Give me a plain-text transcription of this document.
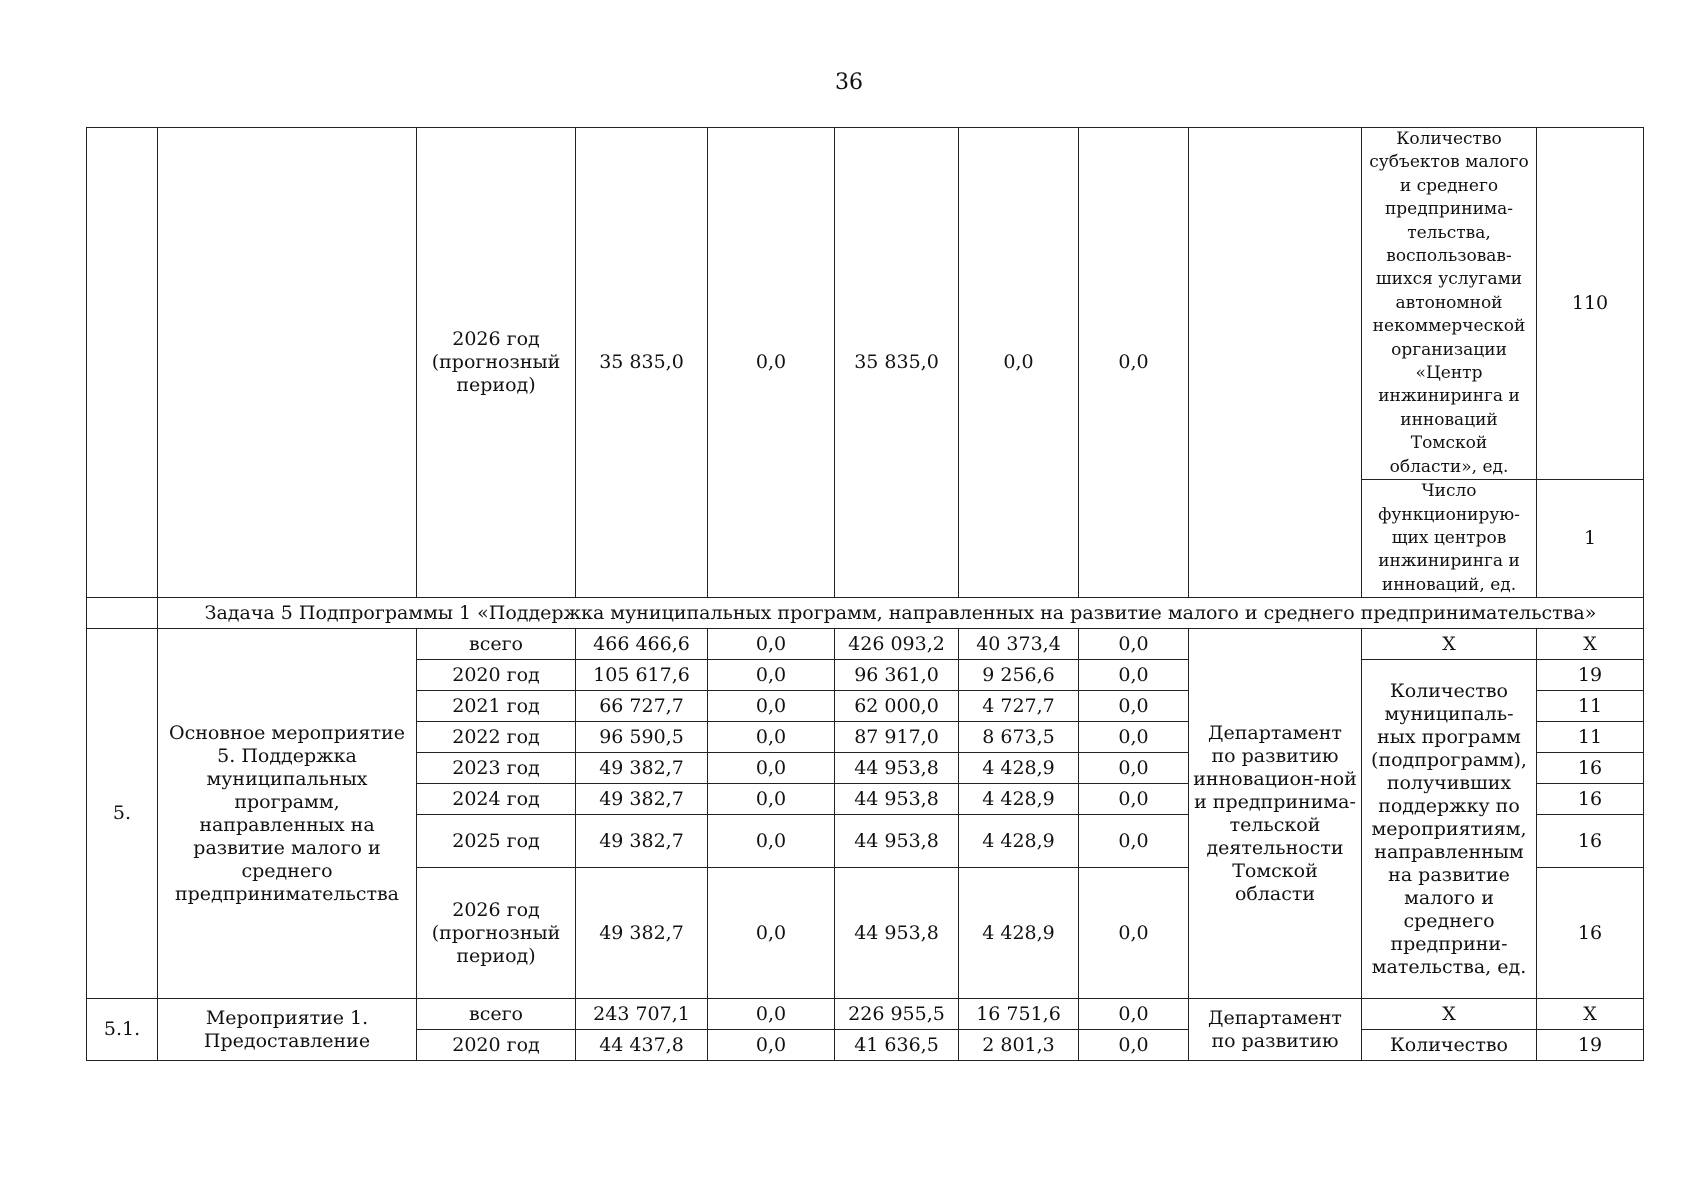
36
		2026 год (прогнозный период)	35 835,0	0,0	35 835,0	0,0	0,0		Количество субъектов малого и среднего предпринима-тельства, воспользовав-шихся услугами автономной некоммерческой организации «Центр инжиниринга и инноваций Томской области», ед.	110
									Число функционирую-щих центров инжиниринга и инноваций, ед.	1
	Задача 5 Подпрограммы 1 «Поддержка муниципальных программ, направленных на развитие малого и среднего предпринимательства»									
5.	Основное мероприятие 5. Поддержка муниципальных программ, направленных на развитие малого и среднего предпринимательства	всего	466 466,6	0,0	426 093,2	40 373,4	0,0	Департамент по развитию инновацион-ной и предпринима-тельской деятельности Томской области	X	X
		2020 год	105 617,6	0,0	96 361,0	9 256,6	0,0		Количество муниципаль-ных программ (подпрограмм), получивших поддержку по мероприятиям, направленным на развитие малого и среднего предприни-мательства, ед.	19
		2021 год	66 727,7	0,0	62 000,0	4 727,7	0,0			11
		2022 год	96 590,5	0,0	87 917,0	8 673,5	0,0			11
		2023 год	49 382,7	0,0	44 953,8	4 428,9	0,0			16
		2024 год	49 382,7	0,0	44 953,8	4 428,9	0,0			16
		2025 год	49 382,7	0,0	44 953,8	4 428,9	0,0			16
		2026 год (прогнозный период)	49 382,7	0,0	44 953,8	4 428,9	0,0			16
5.1.	Мероприятие 1. Предоставление	всего	243 707,1	0,0	226 955,5	16 751,6	0,0	Департамент по развитию	X	X
		2020 год	44 437,8	0,0	41 636,5	2 801,3	0,0		Количество	19
